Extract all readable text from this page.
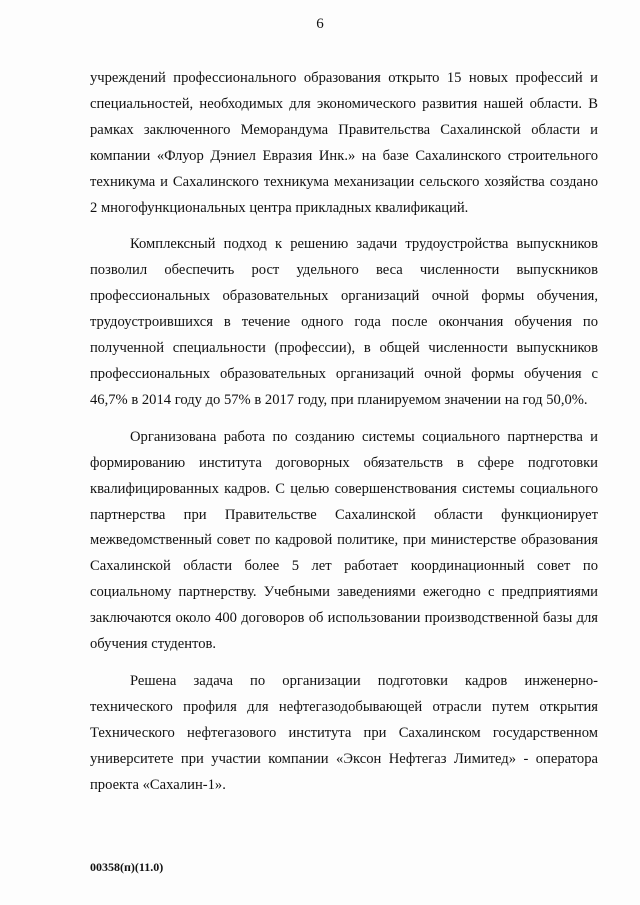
6

учреждений профессионального образования открыто 15 новых профессий и специальностей, необходимых для экономического развития нашей области. В рамках заключенного Меморандума Правительства Сахалинской области и компании «Флуор Дэниел Евразия Инк.» на базе Сахалинского строительного техникума и Сахалинского техникума механизации сельского хозяйства создано 2 многофункциональных центра прикладных квалификаций.

Комплексный подход к решению задачи трудоустройства выпускников позволил обеспечить рост удельного веса численности выпускников профессиональных образовательных организаций очной формы обучения, трудоустроившихся в течение одного года после окончания обучения по полученной специальности (профессии), в общей численности выпускников профессиональных образовательных организаций очной формы обучения с 46,7% в 2014 году до 57% в 2017 году, при планируемом значении на год 50,0%.

Организована работа по созданию системы социального партнерства и формированию института договорных обязательств в сфере подготовки квалифицированных кадров. С целью совершенствования системы социального партнерства при Правительстве Сахалинской области функционирует межведомственный совет по кадровой политике, при министерстве образования Сахалинской области более 5 лет работает координационный совет по социальному партнерству. Учебными заведениями ежегодно с предприятиями заключаются около 400 договоров об использовании производственной базы для обучения студентов.

Решена задача по организации подготовки кадров инженерно-технического профиля для нефтегазодобывающей отрасли путем открытия Технического нефтегазового института при Сахалинском государственном университете при участии компании «Эксон Нефтегаз Лимитед» - оператора проекта «Сахалин-1».

00358(п)(11.0)
